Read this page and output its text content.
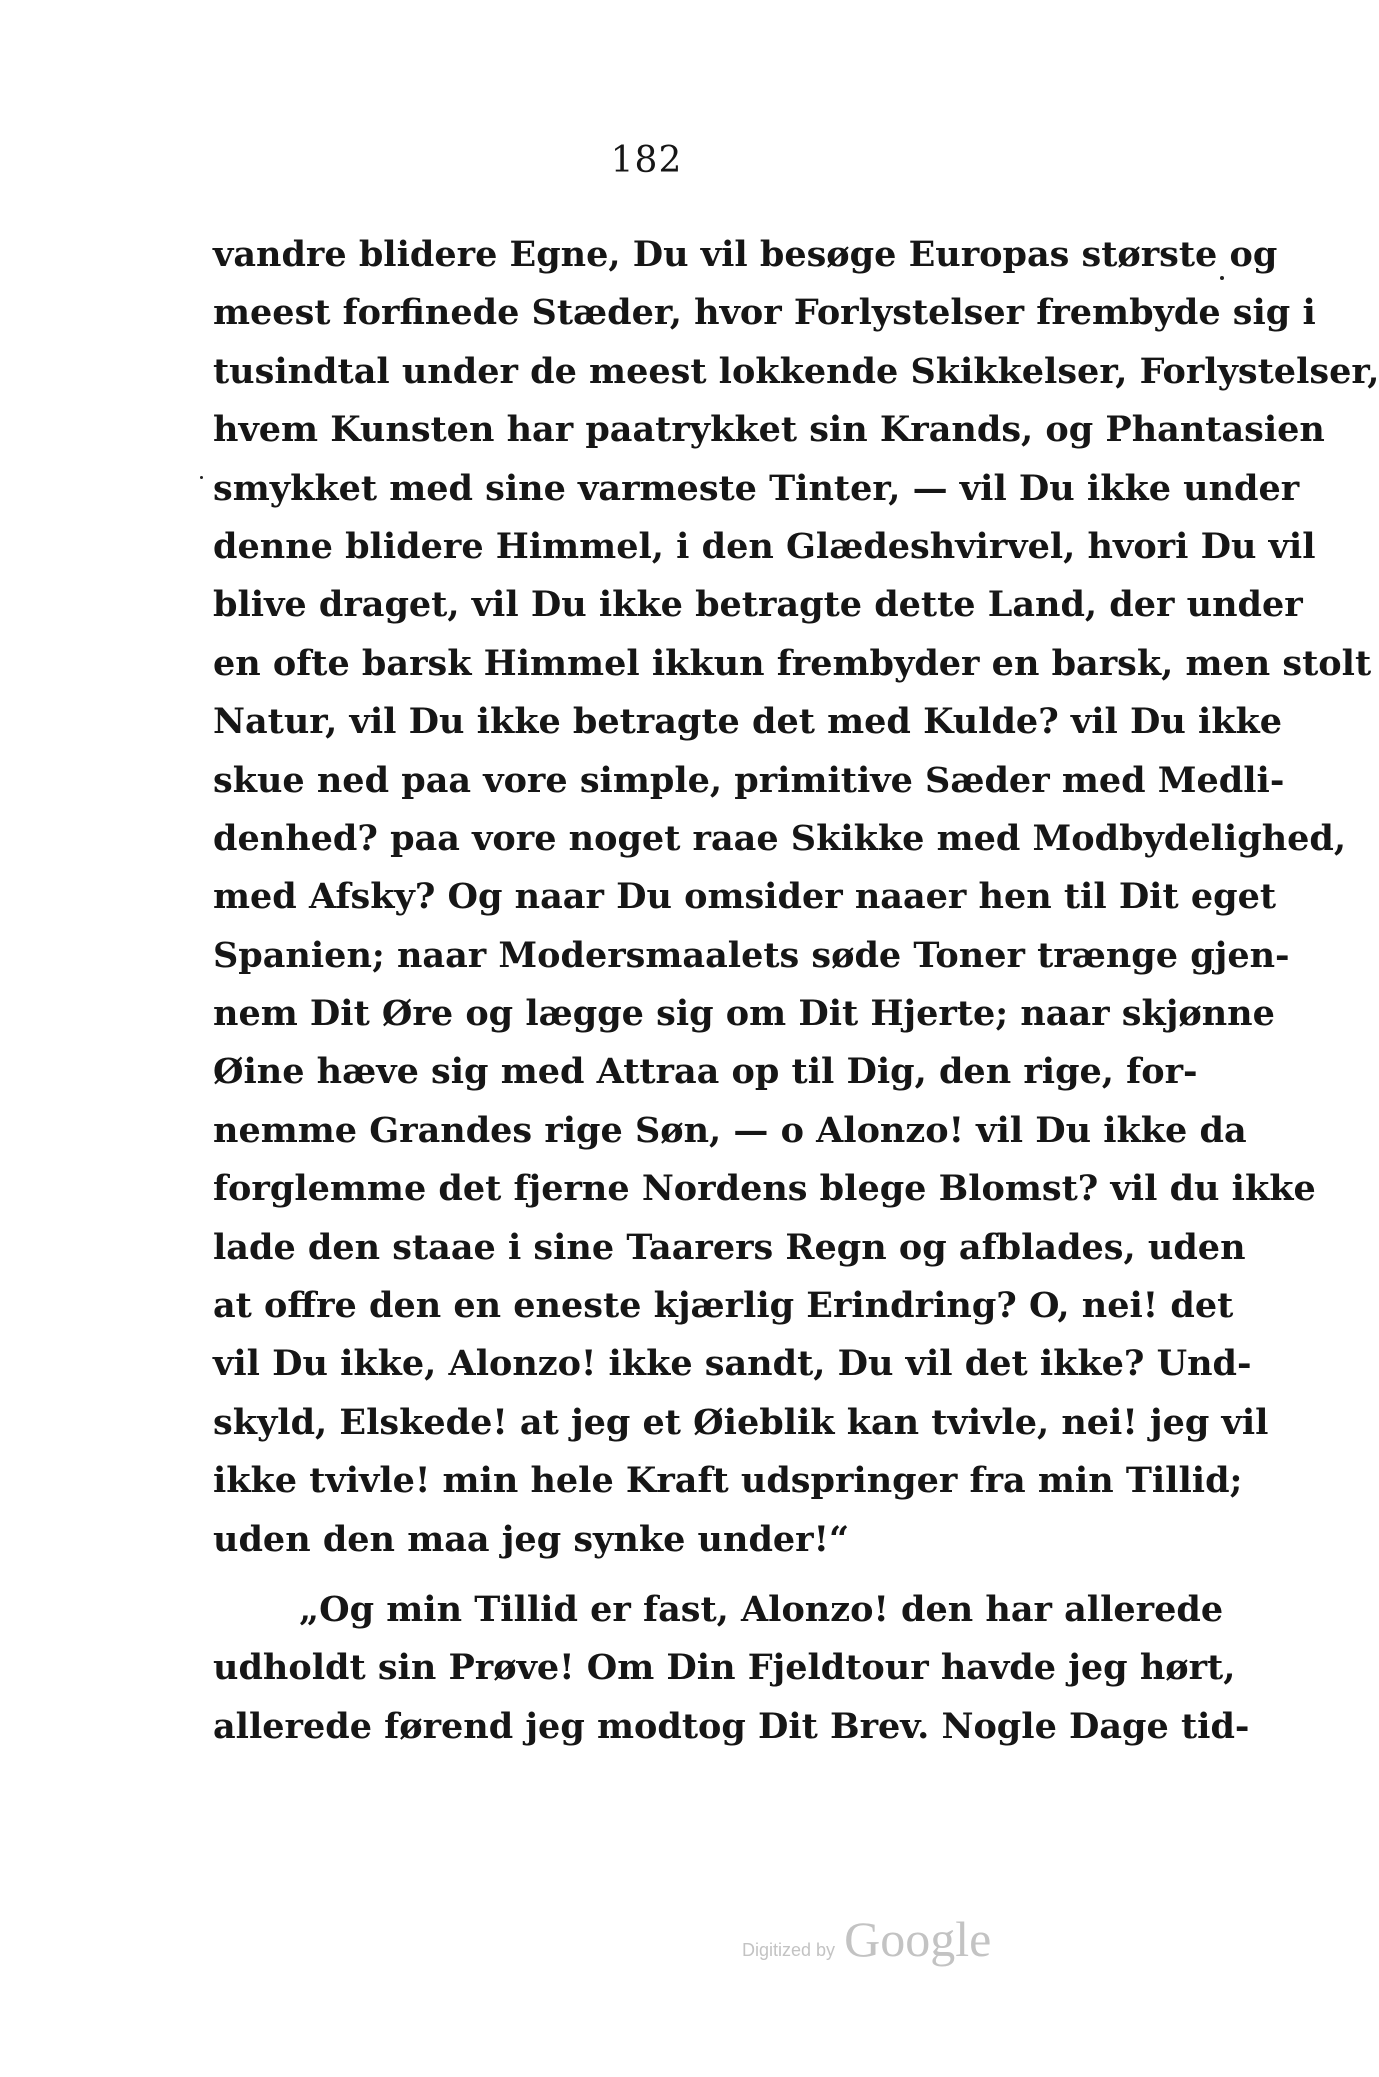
182
vandre blidere Egne, Du vil besøge Europas største og
meest forfinede Stæder, hvor Forlystelser frembyde sig i
tusindtal under de meest lokkende Skikkelser, Forlystelser,
hvem Kunsten har paatrykket sin Krands, og Phantasien
smykket med sine varmeste Tinter, — vil Du ikke under
denne blidere Himmel, i den Glædeshvirvel, hvori Du vil
blive draget, vil Du ikke betragte dette Land, der under
en ofte barsk Himmel ikkun frembyder en barsk, men stolt
Natur, vil Du ikke betragte det med Kulde? vil Du ikke
skue ned paa vore simple, primitive Sæder med Medli-
denhed? paa vore noget raae Skikke med Modbydelighed,
med Afsky? Og naar Du omsider naaer hen til Dit eget
Spanien; naar Modersmaalets søde Toner trænge gjen-
nem Dit Øre og lægge sig om Dit Hjerte; naar skjønne
Øine hæve sig med Attraa op til Dig, den rige, for-
nemme Grandes rige Søn, — o Alonzo! vil Du ikke da
forglemme det fjerne Nordens blege Blomst? vil du ikke
lade den staae i sine Taarers Regn og afblades, uden
at offre den en eneste kjærlig Erindring? O, nei! det
vil Du ikke, Alonzo! ikke sandt, Du vil det ikke? Und-
skyld, Elskede! at jeg et Øieblik kan tvivle, nei! jeg vil
ikke tvivle! min hele Kraft udspringer fra min Tillid;
uden den maa jeg synke under!“
„Og min Tillid er fast, Alonzo! den har allerede
udholdt sin Prøve! Om Din Fjeldtour havde jeg hørt,
allerede førend jeg modtog Dit Brev. Nogle Dage tid-
Digitized by Google
